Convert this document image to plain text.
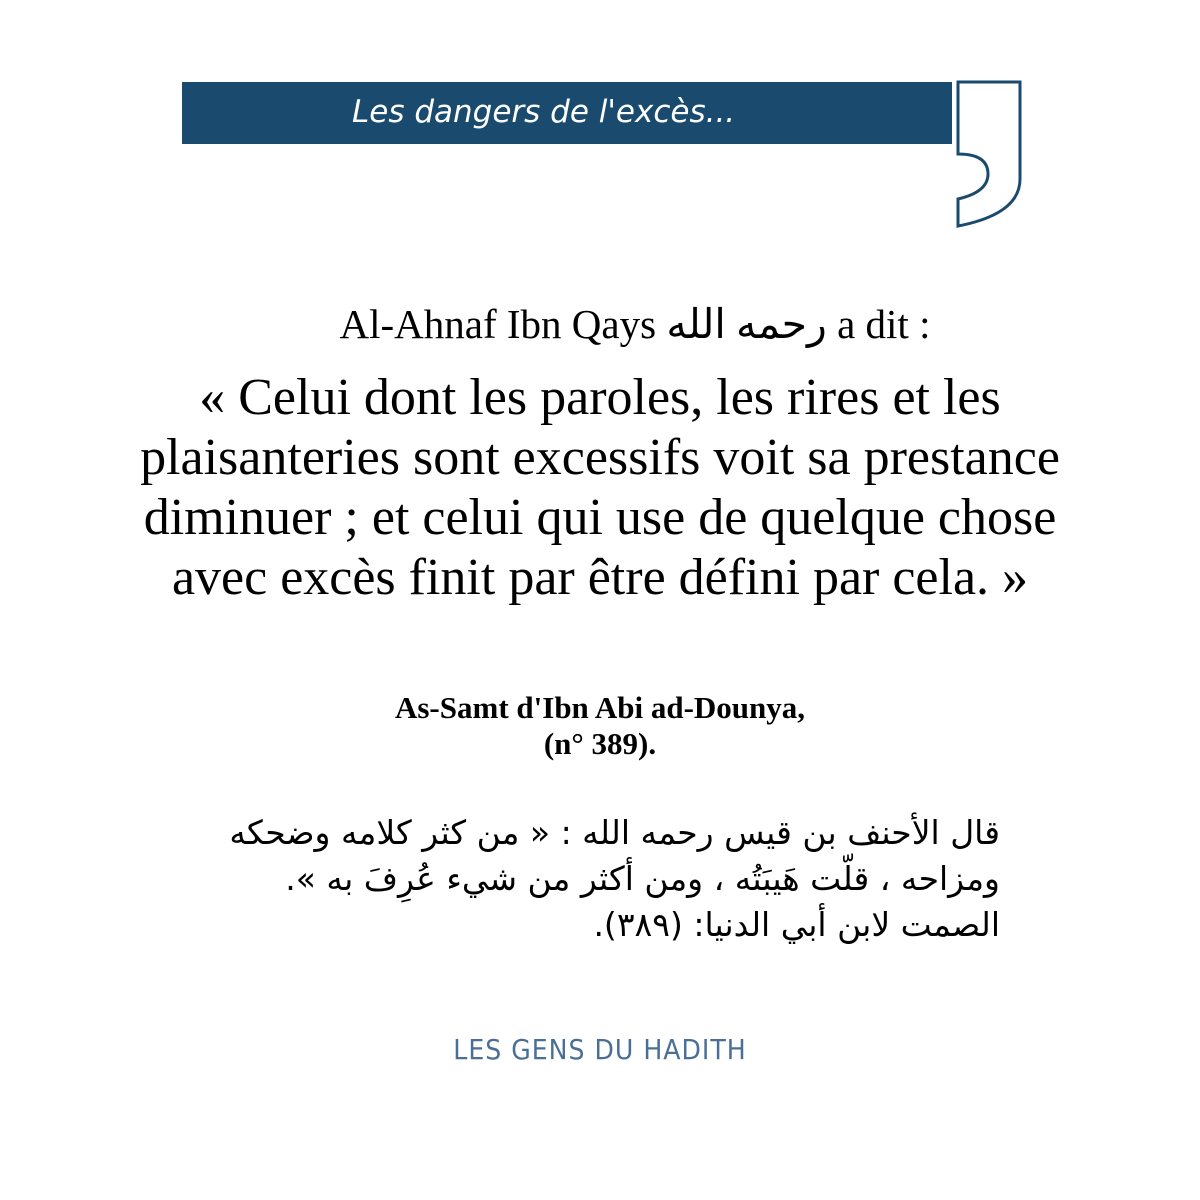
Les dangers de l'excès...
Al-Ahnaf Ibn Qays رحمه الله a dit :
« Celui dont les paroles, les rires et les plaisanteries sont excessifs voit sa prestance diminuer ; et celui qui use de quelque chose avec excès finit par être défini par cela. »
As-Samt d'Ibn Abi ad-Dounya,
(n° 389).
قال الأحنف بن قيس رحمه الله : « من كثر كلامه وضحكه ومزاحه ، قلّت هَيبَتُه ، ومن أكثر من شيء عُرِفَ به ». الصمت لابن أبي الدنيا: (٣٨٩).
LES GENS DU HADITH
